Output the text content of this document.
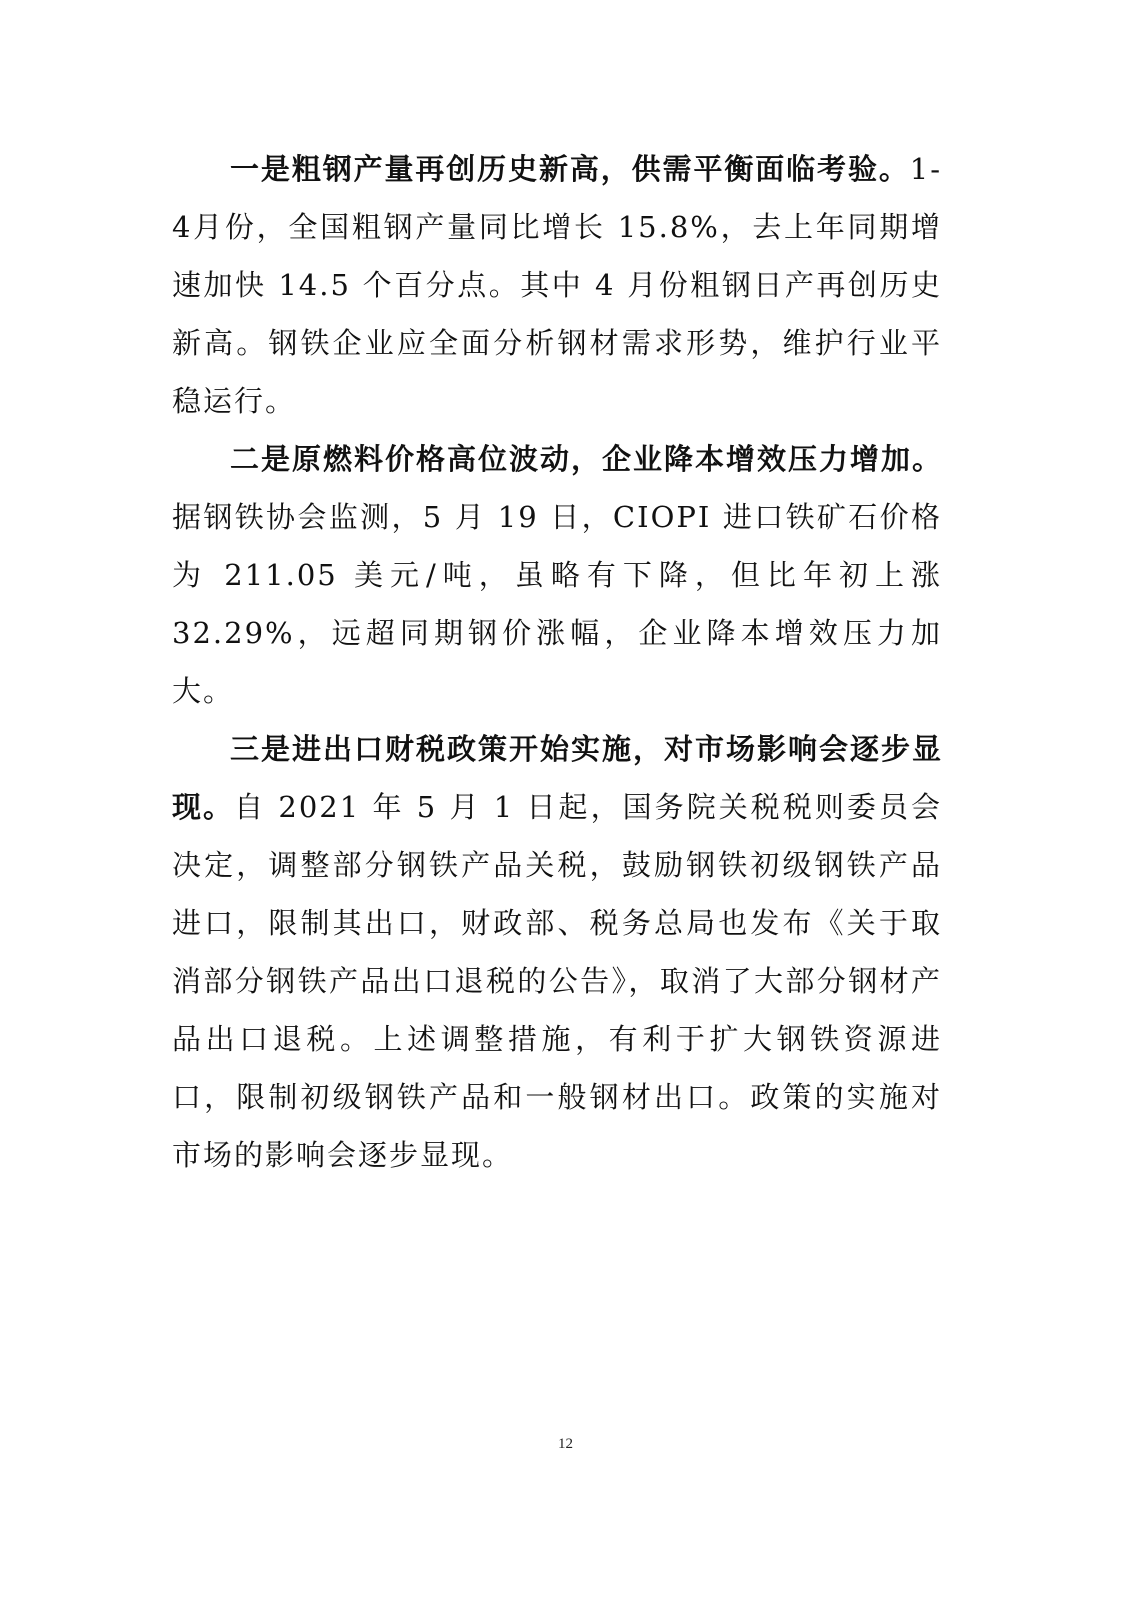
一是粗钢产量再创历史新高，供需平衡面临考验。1-4月份，全国粗钢产量同比增长 15.8%，去上年同期增速加快 14.5 个百分点。其中 4 月份粗钢日产再创历史新高。钢铁企业应全面分析钢材需求形势，维护行业平稳运行。

二是原燃料价格高位波动，企业降本增效压力增加。据钢铁协会监测，5 月 19 日，CIOPI 进口铁矿石价格为 211.05 美元/吨，虽略有下降，但比年初上涨 32.29%，远超同期钢价涨幅，企业降本增效压力加大。

三是进出口财税政策开始实施，对市场影响会逐步显现。自 2021 年 5 月 1 日起，国务院关税税则委员会决定，调整部分钢铁产品关税，鼓励钢铁初级钢铁产品进口，限制其出口，财政部、税务总局也发布《关于取消部分钢铁产品出口退税的公告》，取消了大部分钢材产品出口退税。上述调整措施，有利于扩大钢铁资源进口，限制初级钢铁产品和一般钢材出口。政策的实施对市场的影响会逐步显现。

12
